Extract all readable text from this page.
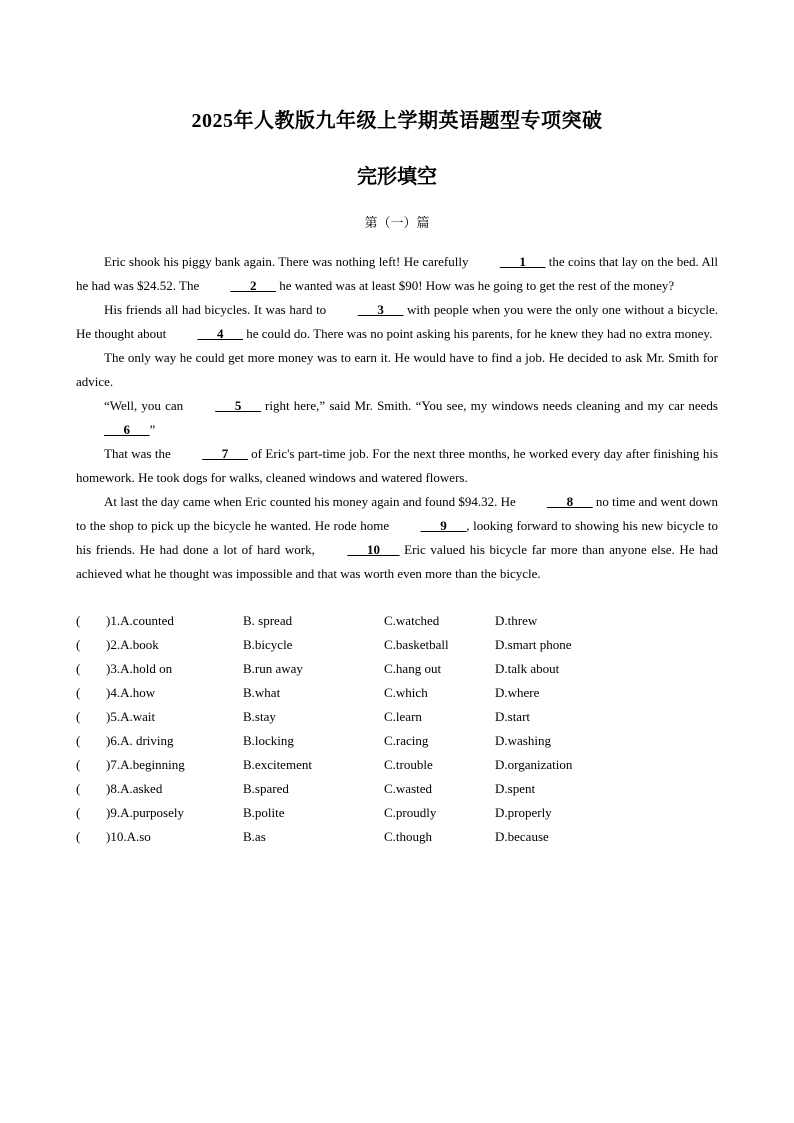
2025年人教版九年级上学期英语题型专项突破
完形填空
第（一）篇

Eric shook his piggy bank again. There was nothing left! He carefully ___1___ the coins that lay on the bed. All he had was $24.52. The ___2___ he wanted was at least $90! How was he going to get the rest of the money?

His friends all had bicycles. It was hard to ___3___ with people when you were the only one without a bicycle. He thought about ___4___ he could do. There was no point asking his parents, for he knew they had no extra money.

The only way he could get more money was to earn it. He would have to find a job. He decided to ask Mr. Smith for advice.

“Well, you can ___5___ right here,” said Mr. Smith. “You see, my windows needs cleaning and my car needs ___6___”

That was the ___7___ of Eric's part-time job. For the next three months, he worked every day after finishing his homework. He took dogs for walks, cleaned windows and watered flowers.

At last the day came when Eric counted his money again and found $94.32. He ___8___ no time and went down to the shop to pick up the bicycle he wanted. He rode home ___9___, looking forward to showing his new bicycle to his friends. He had done a lot of hard work, ___10___ Eric valued his bicycle far more than anyone else. He had achieved what he thought was impossible and that was worth even more than the bicycle.

( )1.A.counted	B. spread	C.watched	D.threw
( )2.A.book	B.bicycle	C.basketball	D.smart phone
( )3.A.hold on	B.run away	C.hang out	D.talk about
( )4.A.how	B.what	C.which	D.where
( )5.A.wait	B.stay	C.learn	D.start
( )6.A. driving	B.locking	C.racing	D.washing
( )7.A.beginning	B.excitement	C.trouble	D.organization
( )8.A.asked	B.spared	C.wasted	D.spent
( )9.A.purposely	B.polite	C.proudly	D.properly
( )10.A.so	B.as	C.though	D.because
